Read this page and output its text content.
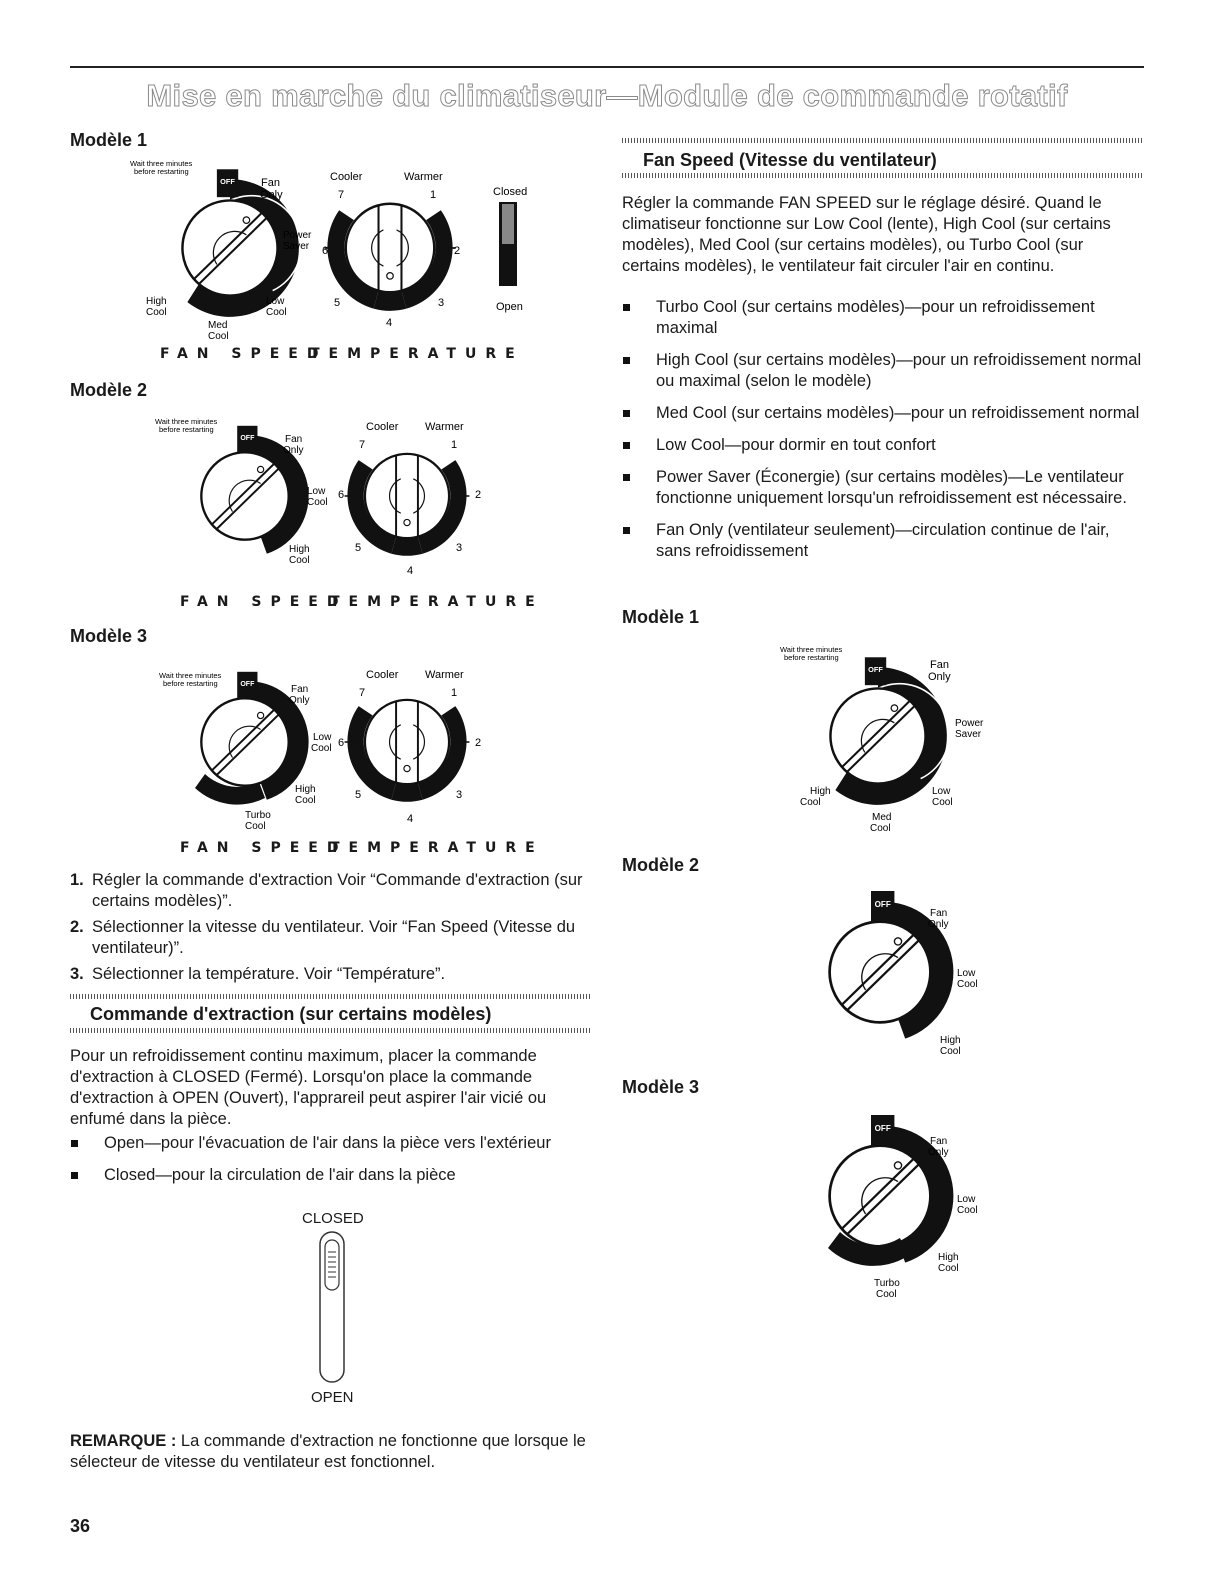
Mise en marche du climatiseur—Module de commande rotatif
Modèle 1
Wait three minutes
before restarting
Fan
Only
Power
Saver
High
Cool
Low
Cool
Med
Cool
Cooler	Warmer
7	1
6	2
5	3
4
Closed
Open
FAN SPEED
TEMPERATURE
Modèle 2
Wait three minutes
before restarting
Fan
Only
Low
Cool
High
Cool
Cooler Warmer
7	1
6	2
5	3
4
FAN SPEED
TEMPERATURE
Modèle 3
Wait three minutes
before restarting
Fan
Only
Low
Cool
High
Cool
Turbo
Cool
Cooler Warmer
7	1
6	2
5	3
4
FAN SPEED
TEMPERATURE
1. Régler la commande d'extraction Voir “Commande d'extraction (sur certains modèles)”.
2. Sélectionner la vitesse du ventilateur. Voir “Fan Speed (Vitesse du ventilateur)”.
3. Sélectionner la température. Voir “Température”.
Commande d'extraction (sur certains modèles)
Pour un refroidissement continu maximum, placer la commande d'extraction à CLOSED (Fermé). Lorsqu'on place la commande d'extraction à OPEN (Ouvert), l'apprareil peut aspirer l'air vicié ou enfumé dans la pièce.
Open—pour l'évacuation de l'air dans la pièce vers l'extérieur
Closed—pour la circulation de l'air dans la pièce
CLOSED
OPEN
REMARQUE : La commande d'extraction ne fonctionne que lorsque le sélecteur de vitesse du ventilateur est fonctionnel.
36
Fan Speed (Vitesse du ventilateur)
Régler la commande FAN SPEED sur le réglage désiré. Quand le climatiseur fonctionne sur Low Cool (lente), High Cool (sur certains modèles), Med Cool (sur certains modèles), ou Turbo Cool (sur certains modèles), le ventilateur fait circuler l'air en continu.
Turbo Cool (sur certains modèles)—pour un refroidissement maximal
High Cool (sur certains modèles)—pour un refroidissement normal ou maximal (selon le modèle)
Med Cool (sur certains modèles)—pour un refroidissement normal
Low Cool—pour dormir en tout confort
Power Saver (Éconergie) (sur certains modèles)—Le ventilateur fonctionne uniquement lorsqu'un refroidissement est nécessaire.
Fan Only (ventilateur seulement)—circulation continue de l'air, sans refroidissement
Modèle 1
Wait three minutes
before restarting
Fan
Only
Power
Saver
High
Cool
Low
Cool
Med
Cool
Modèle 2
Fan
Only
Low
Cool
High
Cool
Modèle 3
Fan
Only
Low
Cool
High
Cool
Turbo
Cool
